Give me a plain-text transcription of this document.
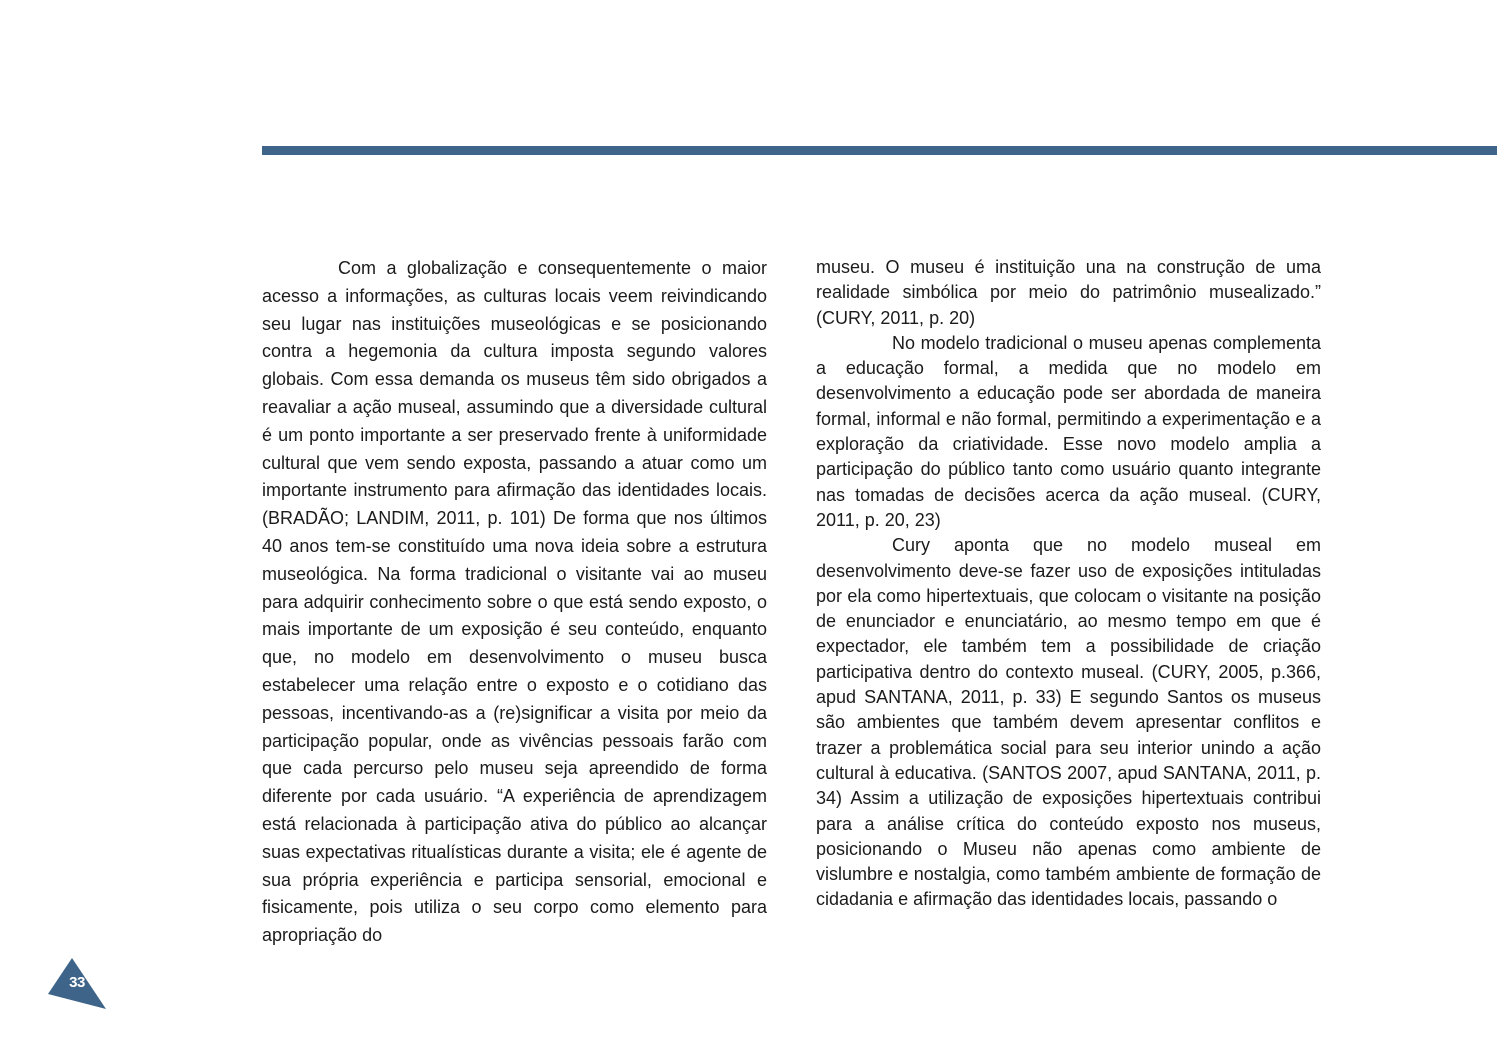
Com a globalização e consequentemente o maior acesso a informações, as culturas locais veem reivindicando seu lugar nas instituições museológicas e se posicionando contra a hegemonia da cultura imposta segundo valores globais. Com essa demanda os museus têm sido obrigados a reavaliar a ação museal, assumindo que a diversidade cultural é um ponto importante a ser preservado frente à uniformidade cultural que vem sendo exposta, passando a atuar como um importante instrumento para afirmação das identidades locais. (BRADÃO; LANDIM, 2011, p. 101) De forma que nos últimos 40 anos tem-se constituído uma nova ideia sobre a estrutura museológica. Na forma tradicional o visitante vai ao museu para adquirir conhecimento sobre o que está sendo exposto, o mais importante de um exposição é seu conteúdo, enquanto que, no modelo em desenvolvimento o museu busca estabelecer uma relação entre o exposto e o cotidiano das pessoas, incentivando-as a (re)significar a visita por meio da participação popular, onde as vivências pessoais farão com que cada percurso pelo museu seja apreendido de forma diferente por cada usuário. “A experiência de aprendizagem está relacionada à participação ativa do público ao alcançar suas expectativas ritualísticas durante a visita; ele é agente de sua própria experiência e participa sensorial, emocional e fisicamente, pois utiliza o seu corpo como elemento para apropriação do

museu. O museu é instituição una na construção de uma realidade simbólica por meio do patrimônio musealizado.” (CURY, 2011, p. 20)

No modelo tradicional o museu apenas complementa a educação formal, a medida que no modelo em desenvolvimento a educação pode ser abordada de maneira formal, informal e não formal, permitindo a experimentação e a exploração da criatividade. Esse novo modelo amplia a participação do público tanto como usuário quanto integrante nas tomadas de decisões acerca da ação museal. (CURY, 2011, p. 20, 23)

Cury aponta que no modelo museal em desenvolvimento deve-se fazer uso de exposições intituladas por ela como hipertextuais, que colocam o visitante na posição de enunciador e enunciatário, ao mesmo tempo em que é expectador, ele também tem a possibilidade de criação participativa dentro do contexto museal. (CURY, 2005, p.366, apud SANTANA, 2011, p. 33) E segundo Santos os museus são ambientes que também devem apresentar conflitos e trazer a problemática social para seu interior unindo a ação cultural à educativa. (SANTOS 2007, apud SANTANA, 2011, p. 34) Assim a utilização de exposições hipertextuais contribui para a análise crítica do conteúdo exposto nos museus, posicionando o Museu não apenas como ambiente de vislumbre e nostalgia, como também ambiente de formação de cidadania e afirmação das identidades locais, passando o

33
